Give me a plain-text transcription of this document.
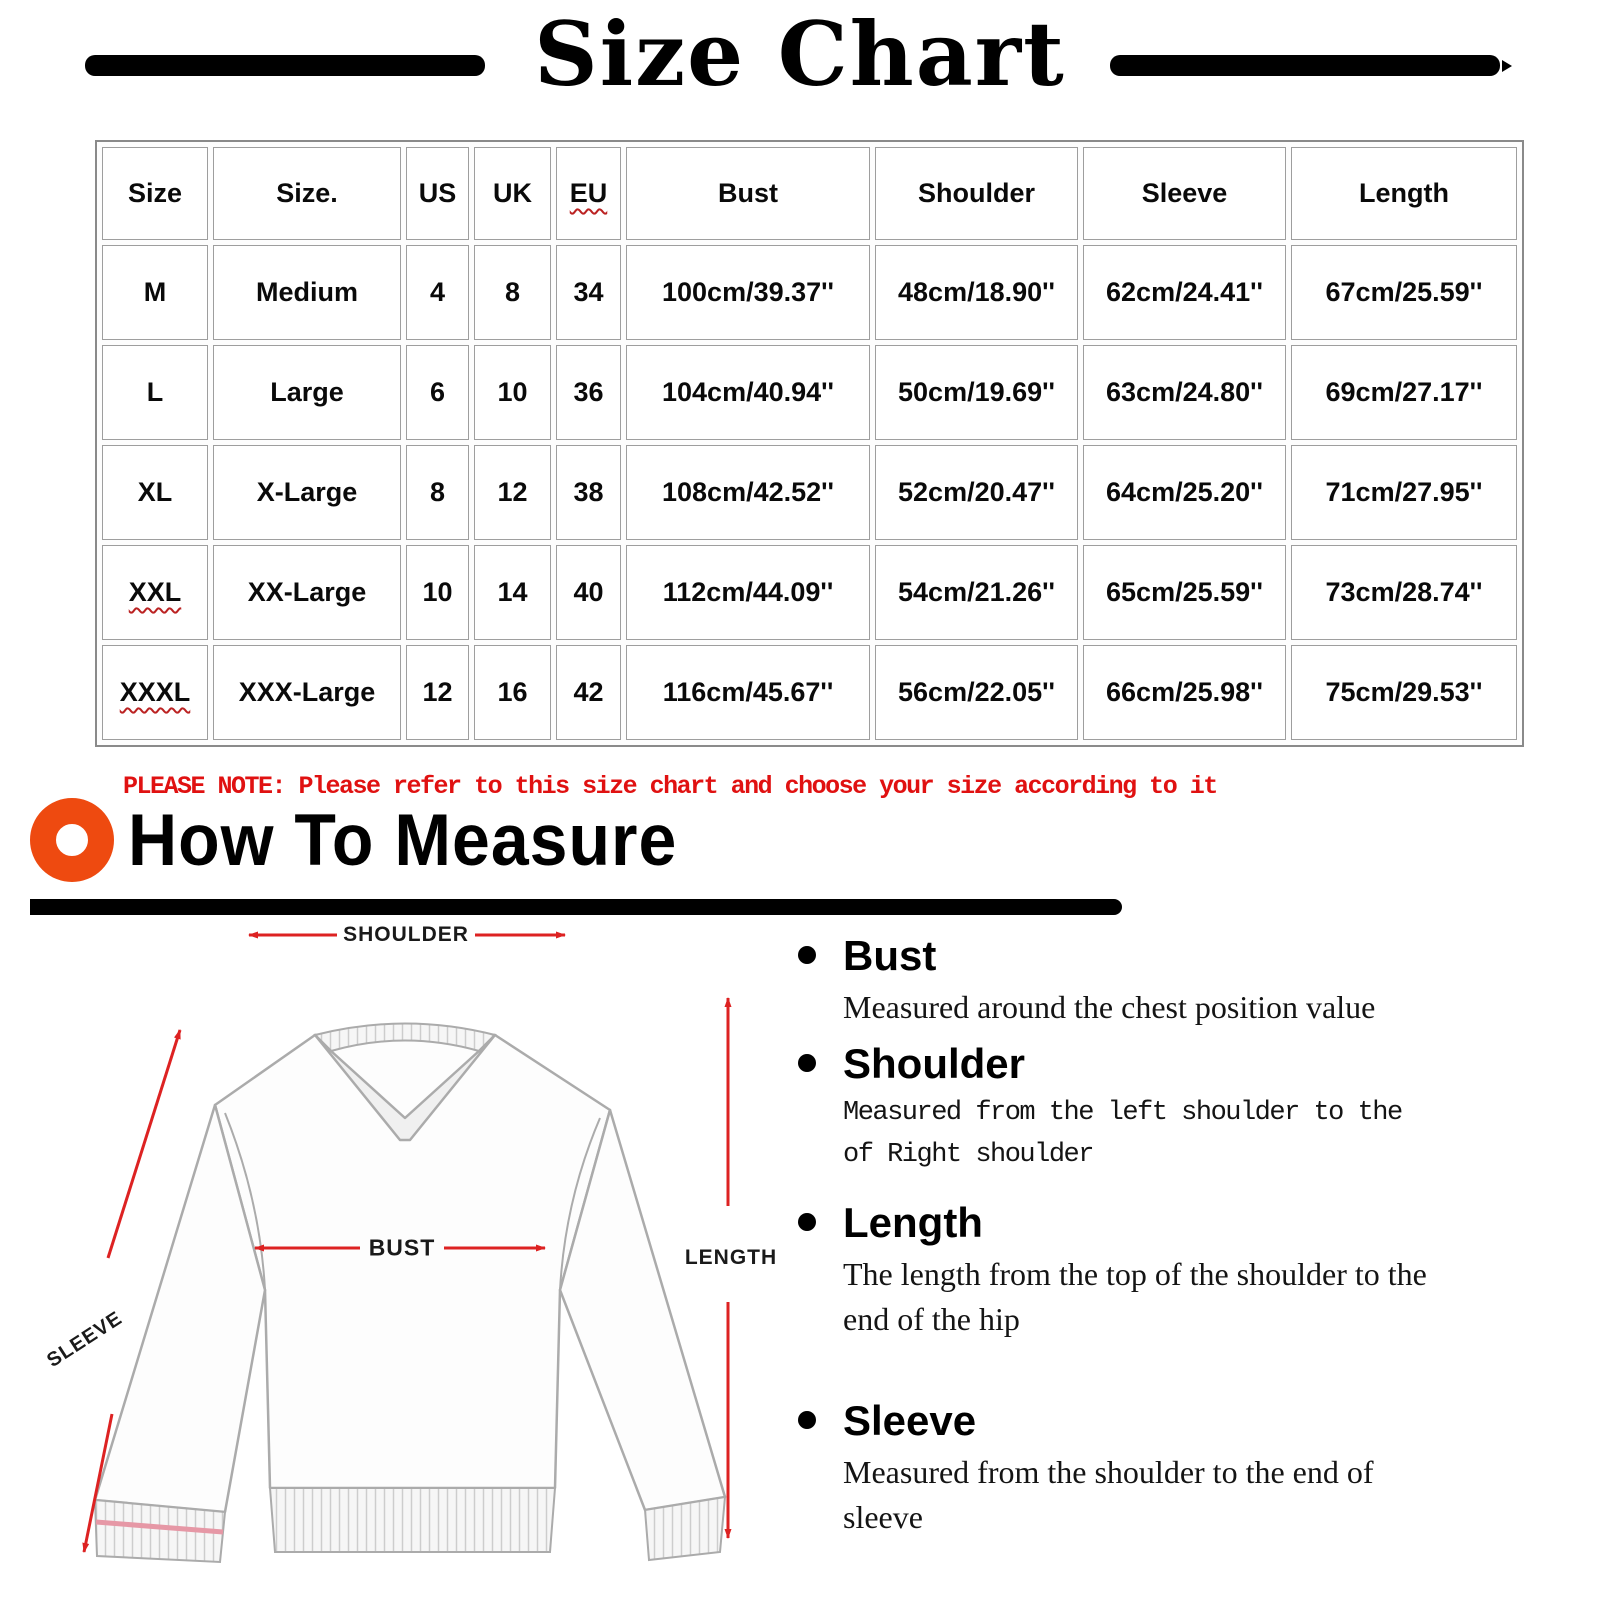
Size Chart
Size	Size.	US	UK	EU	Bust	Shoulder	Sleeve	Length
M	Medium	4	8	34	100cm/39.37''	48cm/18.90''	62cm/24.41''	67cm/25.59''
L	Large	6	10	36	104cm/40.94''	50cm/19.69''	63cm/24.80''	69cm/27.17''
XL	X-Large	8	12	38	108cm/42.52''	52cm/20.47''	64cm/25.20''	71cm/27.95''
XXL	XX-Large	10	14	40	112cm/44.09''	54cm/21.26''	65cm/25.59''	73cm/28.74''
XXXL	XXX-Large	12	16	42	116cm/45.67''	56cm/22.05''	66cm/25.98''	75cm/29.53''
PLEASE NOTE: Please refer to this size chart and choose your size according to it
How To Measure
SHOULDER
BUST
SLEEVE
LENGTH
Bust
Measured around the chest position value
Shoulder
Measured from the left shoulder to the of Right shoulder
Length
The length from the top of the shoulder to the end of the hip
Sleeve
Measured from the shoulder to the end of sleeve
